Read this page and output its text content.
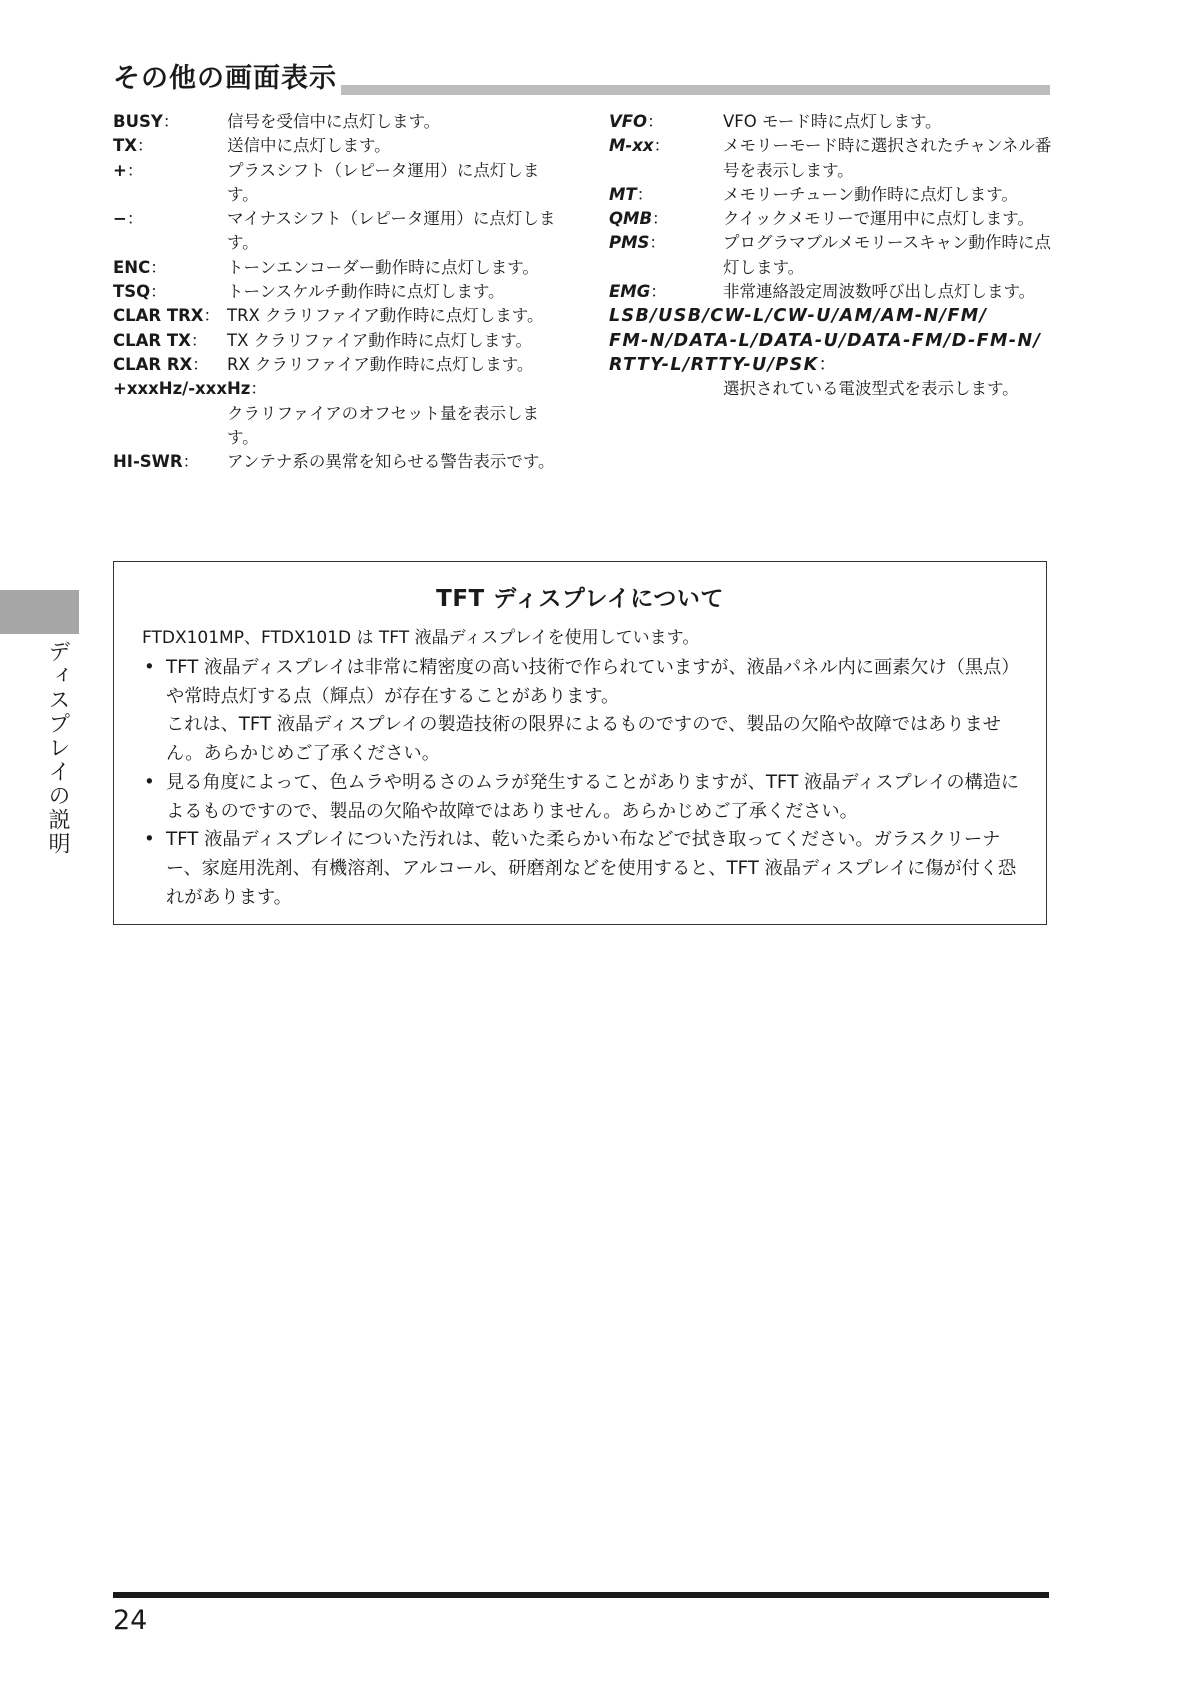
その他の画面表示
BUSY：	信号を受信中に点灯します。
TX：	送信中に点灯します。
+：	プラスシフト（レピータ運用）に点灯します。
−：	マイナスシフト（レピータ運用）に点灯します。
ENC：	トーンエンコーダー動作時に点灯します。
TSQ：	トーンスケルチ動作時に点灯します。
CLAR TRX： TRX クラリファイア動作時に点灯します。
CLAR TX：	TX クラリファイア動作時に点灯します。
CLAR RX：	RX クラリファイア動作時に点灯します。
+xxxHz/-xxxHz：
クラリファイアのオフセット量を表示します。
HI-SWR：	アンテナ系の異常を知らせる警告表示です。
VFO：	VFO モード時に点灯します。
M-xx：	メモリーモード時に選択されたチャンネル番号を表示します。
MT：	メモリーチューン動作時に点灯します。
QMB：	クイックメモリーで運用中に点灯します。
PMS：	プログラマブルメモリースキャン動作時に点灯します。
EMG：	非常連絡設定周波数呼び出し点灯します。
LSB/USB/CW-L/CW-U/AM/AM-N/FM/
FM-N/DATA-L/DATA-U/DATA-FM/D-FM-N/
RTTY-L/RTTY-U/PSK：
選択されている電波型式を表示します。
ディスプレイの説明
TFT ディスプレイについて
FTDX101MP、FTDX101D は TFT 液晶ディスプレイを使用しています。
• TFT 液晶ディスプレイは非常に精密度の高い技術で作られていますが、液晶パネル内に画素欠け（黒点）や常時点灯する点（輝点）が存在することがあります。

これは、TFT 液晶ディスプレイの製造技術の限界によるものですので、製品の欠陥や故障ではありません。あらかじめご了承ください。

• 見る角度によって、色ムラや明るさのムラが発生することがありますが、TFT 液晶ディスプレイの構造によるものですので、製品の欠陥や故障ではありません。あらかじめご了承ください。

• TFT 液晶ディスプレイについた汚れは、乾いた柔らかい布などで拭き取ってください。ガラスクリーナー、家庭用洗剤、有機溶剤、アルコール、研磨剤などを使用すると、TFT 液晶ディスプレイに傷が付く恐れがあります。

24
